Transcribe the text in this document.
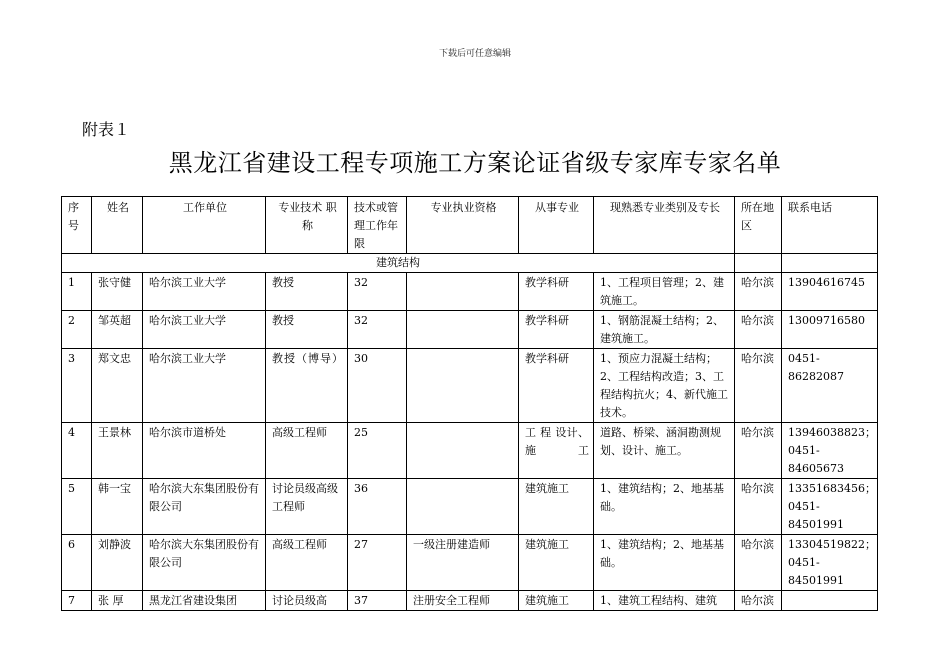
下载后可任意编辑
附表１
黑龙江省建设工程专项施工方案论证省级专家库专家名单
序号	姓名	工作单位	专业技术 职 称	技术或管理工作年限	专业执业资格	从事专业	现熟悉专业类别及专长	所在地区	联系电话
建筑结构									
1	张守健	哈尔滨工业大学	教授	32		教学科研	1、工程项目管理；2、建筑施工。	哈尔滨	13904616745
2	邹英超	哈尔滨工业大学	教授	32		教学科研	1、钢筋混凝土结构；2、建筑施工。	哈尔滨	13009716580
3	郑文忠	哈尔滨工业大学	教授（博导）	30		教学科研	1、预应力混凝土结构；2、工程结构改造；3、工程结构抗火；4、新代施工技术。	哈尔滨	0451-86282087
4	王景林	哈尔滨市道桥处	高级工程师	25		工 程 设计、施工	道路、桥梁、涵洞勘测规划、设计、施工。	哈尔滨	13946038823；0451-84605673
5	韩一宝	哈尔滨大东集团股份有限公司	讨论员级高级工程师	36		建筑施工	1、建筑结构；2、地基基础。	哈尔滨	13351683456；0451-84501991
6	刘静波	哈尔滨大东集团股份有限公司	高级工程师	27	一级注册建造师	建筑施工	1、建筑结构；2、地基基础。	哈尔滨	13304519822；0451-84501991
7	张 厚	黑龙江省建设集团	讨论员级高	37	注册安全工程师	建筑施工	1、建筑工程结构、建筑	哈尔滨	
